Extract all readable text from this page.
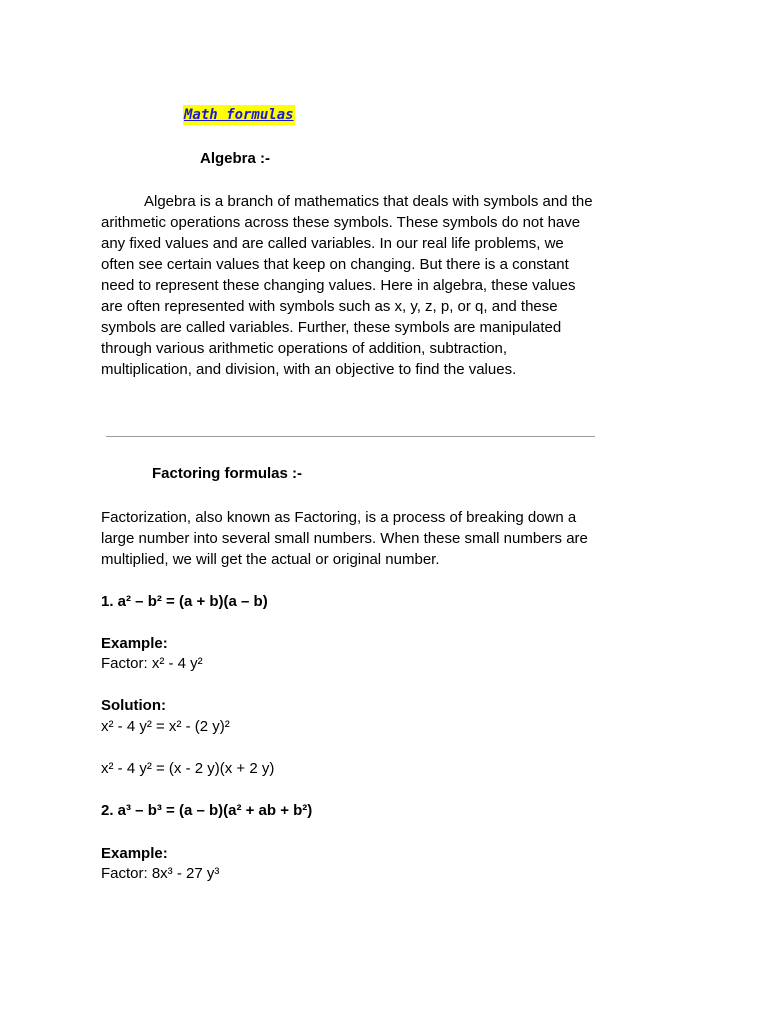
Math formulas
Algebra :-

Algebra is a branch of mathematics that deals with symbols and the arithmetic operations across these symbols. These symbols do not have any fixed values and are called variables. In our real life problems, we often see certain values that keep on changing. But there is a constant need to represent these changing values. Here in algebra, these values are often represented with symbols such as x, y, z, p, or q, and these symbols are called variables. Further, these symbols are manipulated through various arithmetic operations of addition, subtraction, multiplication, and division, with an objective to find the values.

Factoring formulas :-

Factorization, also known as Factoring, is a process of breaking down a large number into several small numbers. When these small numbers are multiplied, we will get the actual or original number.

1. a² – b² = (a + b)(a – b)
Example:
Factor: x² - 4 y²
Solution:
x² - 4 y² = x² - (2 y)²
x² - 4 y² = (x - 2 y)(x + 2 y)
2. a³ – b³ = (a – b)(a² + ab + b²)
Example:
Factor: 8x³ - 27 y³
